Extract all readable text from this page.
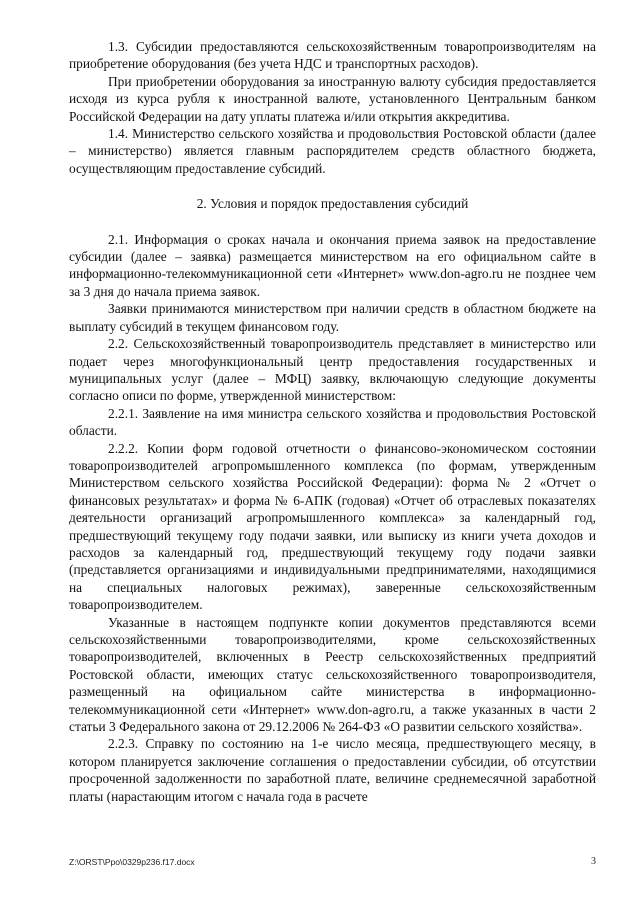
1.3. Субсидии предоставляются сельскохозяйственным товаропроизводителям на приобретение оборудования (без учета НДС и транспортных расходов).

При приобретении оборудования за иностранную валюту субсидия предоставляется исходя из курса рубля к иностранной валюте, установленного Центральным банком Российской Федерации на дату уплаты платежа и/или открытия аккредитива.

1.4. Министерство сельского хозяйства и продовольствия Ростовской области (далее – министерство) является главным распорядителем средств областного бюджета, осуществляющим предоставление субсидий.

2. Условия и порядок предоставления субсидий

2.1. Информация о сроках начала и окончания приема заявок на предоставление субсидии (далее – заявка) размещается министерством на его официальном сайте в информационно-телекоммуникационной сети «Интернет» www.don-agro.ru не позднее чем за 3 дня до начала приема заявок.

Заявки принимаются министерством при наличии средств в областном бюджете на выплату субсидий в текущем финансовом году.

2.2. Сельскохозяйственный товаропроизводитель представляет в министерство или подает через многофункциональный центр предоставления государственных и муниципальных услуг (далее – МФЦ) заявку, включающую следующие документы согласно описи по форме, утвержденной министерством:

2.2.1. Заявление на имя министра сельского хозяйства и продовольствия Ростовской области.

2.2.2. Копии форм годовой отчетности о финансово-экономическом состоянии товаропроизводителей агропромышленного комплекса (по формам, утвержденным Министерством сельского хозяйства Российской Федерации): форма № 2 «Отчет о финансовых результатах» и форма № 6-АПК (годовая) «Отчет об отраслевых показателях деятельности организаций агропромышленного комплекса» за календарный год, предшествующий текущему году подачи заявки, или выписку из книги учета доходов и расходов за календарный год, предшествующий текущему году подачи заявки (представляется организациями и индивидуальными предпринимателями, находящимися на специальных налоговых режимах), заверенные сельскохозяйственным товаропроизводителем.

Указанные в настоящем подпункте копии документов представляются всеми сельскохозяйственными товаропроизводителями, кроме сельскохозяйственных товаропроизводителей, включенных в Реестр сельскохозяйственных предприятий Ростовской области, имеющих статус сельскохозяйственного товаропроизводителя, размещенный на официальном сайте министерства в информационно-телекоммуникационной сети «Интернет» www.don-agro.ru, а также указанных в части 2 статьи 3 Федерального закона от 29.12.2006 № 264-ФЗ «О развитии сельского хозяйства».

2.2.3. Справку по состоянию на 1-е число месяца, предшествующего месяцу, в котором планируется заключение соглашения о предоставлении субсидии, об отсутствии просроченной задолженности по заработной плате, величине среднемесячной заработной платы (нарастающим итогом с начала года в расчете

Z:\ORST\Ppo\0329p236.f17.docx	3
